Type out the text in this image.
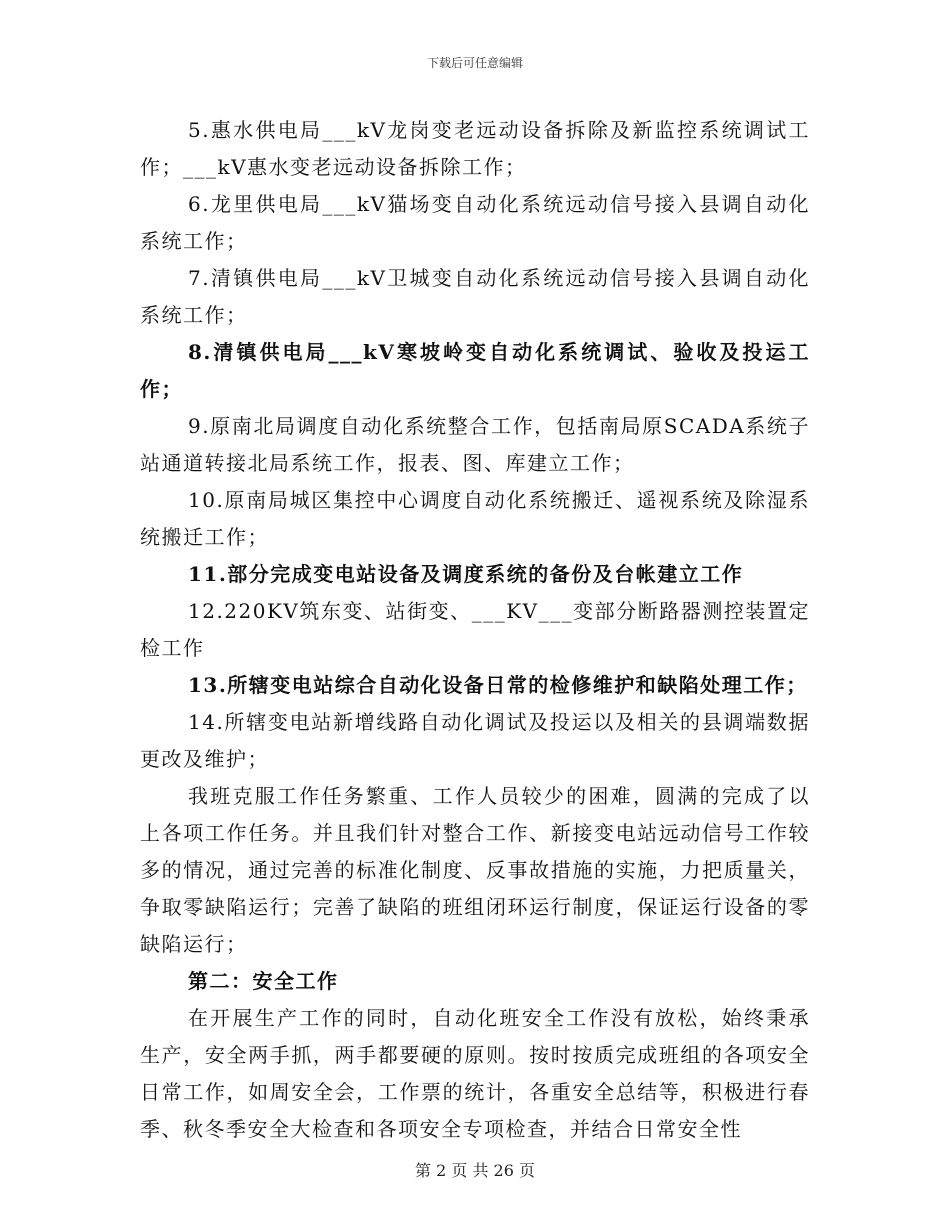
下载后可任意编辑

5.惠水供电局___kV龙岗变老远动设备拆除及新监控系统调试工作；___kV惠水变老远动设备拆除工作；

6.龙里供电局___kV猫场变自动化系统远动信号接入县调自动化系统工作；

7.清镇供电局___kV卫城变自动化系统远动信号接入县调自动化系统工作；

8.清镇供电局___kV寒坡岭变自动化系统调试、验收及投运工作；

9.原南北局调度自动化系统整合工作，包括南局原SCADA系统子站通道转接北局系统工作，报表、图、库建立工作；

10.原南局城区集控中心调度自动化系统搬迁、遥视系统及除湿系统搬迁工作；

11.部分完成变电站设备及调度系统的备份及台帐建立工作

12.220KV筑东变、站街变、___KV___变部分断路器测控装置定检工作

13.所辖变电站综合自动化设备日常的检修维护和缺陷处理工作；

14.所辖变电站新增线路自动化调试及投运以及相关的县调端数据更改及维护；

我班克服工作任务繁重、工作人员较少的困难，圆满的完成了以上各项工作任务。并且我们针对整合工作、新接变电站远动信号工作较多的情况，通过完善的标准化制度、反事故措施的实施，力把质量关，争取零缺陷运行；完善了缺陷的班组闭环运行制度，保证运行设备的零缺陷运行；

第二：安全工作

在开展生产工作的同时，自动化班安全工作没有放松，始终秉承生产，安全两手抓，两手都要硬的原则。按时按质完成班组的各项安全日常工作，如周安全会，工作票的统计，各重安全总结等，积极进行春季、秋冬季安全大检查和各项安全专项检查，并结合日常安全性

第 2 页 共 26 页
